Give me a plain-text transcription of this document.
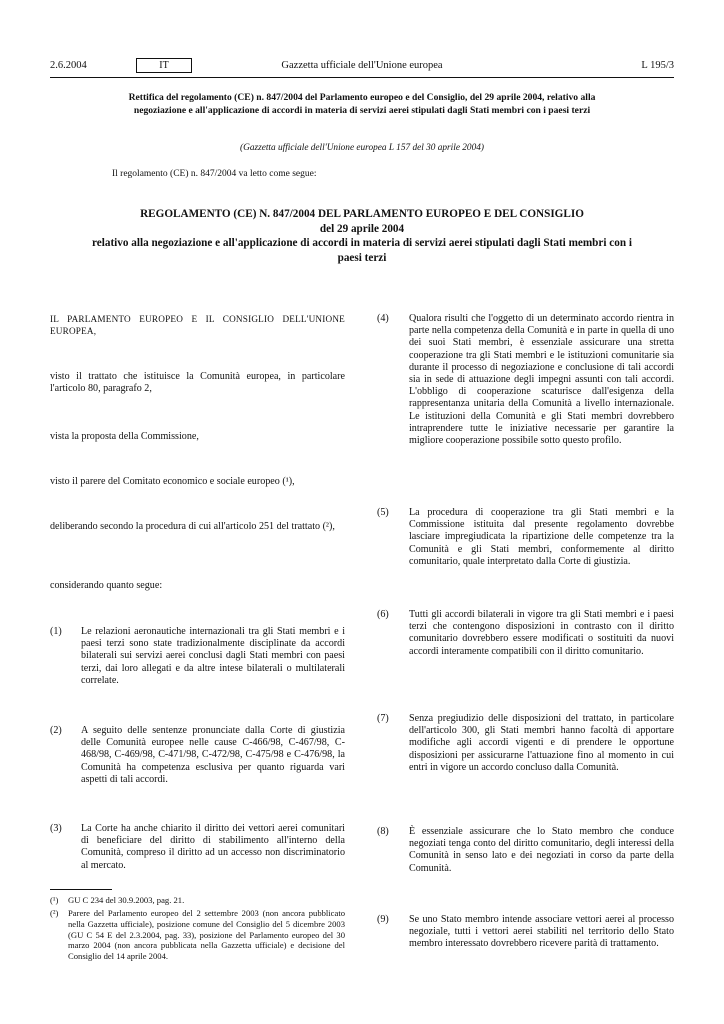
2.6.2004	IT	Gazzetta ufficiale dell'Unione europea	L 195/3
Rettifica del regolamento (CE) n. 847/2004 del Parlamento europeo e del Consiglio, del 29 aprile 2004, relativo alla negoziazione e all'applicazione di accordi in materia di servizi aerei stipulati dagli Stati membri con i paesi terzi
(Gazzetta ufficiale dell'Unione europea L 157 del 30 aprile 2004)
Il regolamento (CE) n. 847/2004 va letto come segue:
REGOLAMENTO (CE) N. 847/2004 DEL PARLAMENTO EUROPEO E DEL CONSIGLIO
del 29 aprile 2004
relativo alla negoziazione e all'applicazione di accordi in materia di servizi aerei stipulati dagli Stati membri con i paesi terzi
IL PARLAMENTO EUROPEO E IL CONSIGLIO DELL'UNIONE EUROPEA,
visto il trattato che istituisce la Comunità europea, in particolare l'articolo 80, paragrafo 2,
vista la proposta della Commissione,
visto il parere del Comitato economico e sociale europeo (¹),
deliberando secondo la procedura di cui all'articolo 251 del trattato (²),
considerando quanto segue:
(1) Le relazioni aeronautiche internazionali tra gli Stati membri e i paesi terzi sono state tradizionalmente disciplinate da accordi bilaterali sui servizi aerei conclusi dagli Stati membri con paesi terzi, dai loro allegati e da altre intese bilaterali o multilaterali correlate.
(2) A seguito delle sentenze pronunciate dalla Corte di giustizia delle Comunità europee nelle cause C-466/98, C-467/98, C-468/98, C-469/98, C-471/98, C-472/98, C-475/98 e C-476/98, la Comunità ha competenza esclusiva per quanto riguarda vari aspetti di tali accordi.
(3) La Corte ha anche chiarito il diritto dei vettori aerei comunitari di beneficiare del diritto di stabilimento all'interno della Comunità, compreso il diritto ad un accesso non discriminatorio al mercato.
(4) Qualora risulti che l'oggetto di un determinato accordo rientra in parte nella competenza della Comunità e in parte in quella di uno dei suoi Stati membri, è essenziale assicurare una stretta cooperazione tra gli Stati membri e le istituzioni comunitarie sia durante il processo di negoziazione e conclusione di tali accordi sia in sede di attuazione degli impegni assunti con tali accordi. L'obbligo di cooperazione scaturisce dall'esigenza della rappresentanza unitaria della Comunità a livello internazionale. Le istituzioni della Comunità e gli Stati membri dovrebbero intraprendere tutte le iniziative necessarie per garantire la migliore cooperazione possibile sotto questo profilo.
(5) La procedura di cooperazione tra gli Stati membri e la Commissione istituita dal presente regolamento dovrebbe lasciare impregiudicata la ripartizione delle competenze tra la Comunità e gli Stati membri, conformemente al diritto comunitario, quale interpretato dalla Corte di giustizia.
(6) Tutti gli accordi bilaterali in vigore tra gli Stati membri e i paesi terzi che contengono disposizioni in contrasto con il diritto comunitario dovrebbero essere modificati o sostituiti da nuovi accordi interamente compatibili con il diritto comunitario.
(7) Senza pregiudizio delle disposizioni del trattato, in particolare dell'articolo 300, gli Stati membri hanno facoltà di apportare modifiche agli accordi vigenti e di prendere le opportune disposizioni per assicurarne l'attuazione fino al momento in cui entri in vigore un accordo concluso dalla Comunità.
(8) È essenziale assicurare che lo Stato membro che conduce negoziati tenga conto del diritto comunitario, degli interessi della Comunità in senso lato e dei negoziati in corso da parte della Comunità.
(9) Se uno Stato membro intende associare vettori aerei al processo negoziale, tutti i vettori aerei stabiliti nel territorio dello Stato membro interessato dovrebbero ricevere parità di trattamento.
(¹) GU C 234 del 30.9.2003, pag. 21.
(²) Parere del Parlamento europeo del 2 settembre 2003 (non ancora pubblicato nella Gazzetta ufficiale), posizione comune del Consiglio del 5 dicembre 2003 (GU C 54 E del 2.3.2004, pag. 33), posizione del Parlamento europeo del 30 marzo 2004 (non ancora pubblicata nella Gazzetta ufficiale) e decisione del Consiglio del 14 aprile 2004.
